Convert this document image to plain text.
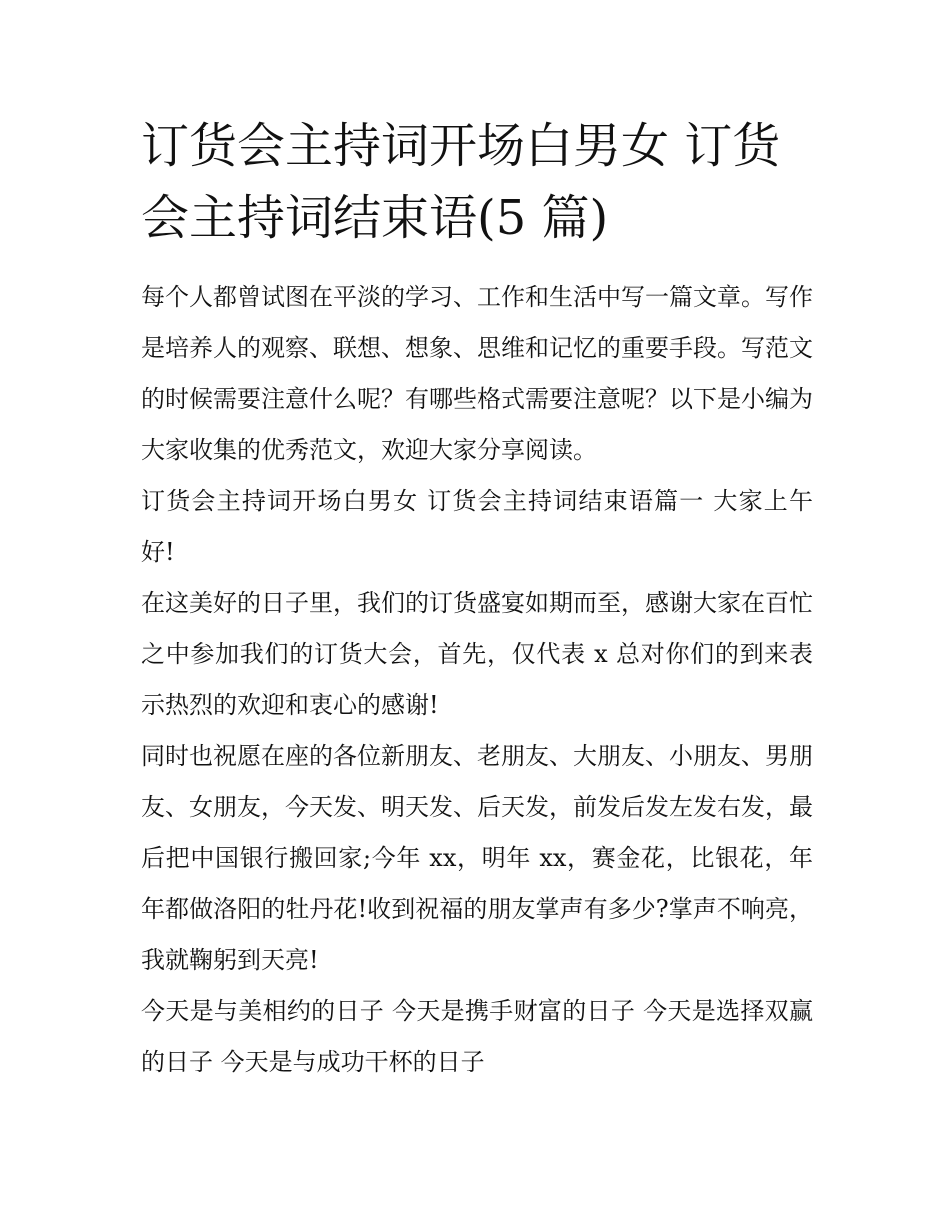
订货会主持词开场白男女 订货会主持词结束语(5 篇)

每个人都曾试图在平淡的学习、工作和生活中写一篇文章。写作是培养人的观察、联想、想象、思维和记忆的重要手段。写范文的时候需要注意什么呢？有哪些格式需要注意呢？以下是小编为大家收集的优秀范文，欢迎大家分享阅读。

订货会主持词开场白男女 订货会主持词结束语篇一 大家上午好!

在这美好的日子里，我们的订货盛宴如期而至，感谢大家在百忙之中参加我们的订货大会，首先，仅代表 x 总对你们的到来表示热烈的欢迎和衷心的感谢!

同时也祝愿在座的各位新朋友、老朋友、大朋友、小朋友、男朋友、女朋友，今天发、明天发、后天发，前发后发左发右发，最后把中国银行搬回家;今年 xx，明年 xx，赛金花，比银花，年年都做洛阳的牡丹花!收到祝福的朋友掌声有多少?掌声不响亮，我就鞠躬到天亮!

今天是与美相约的日子 今天是携手财富的日子 今天是选择双赢的日子 今天是与成功干杯的日子
